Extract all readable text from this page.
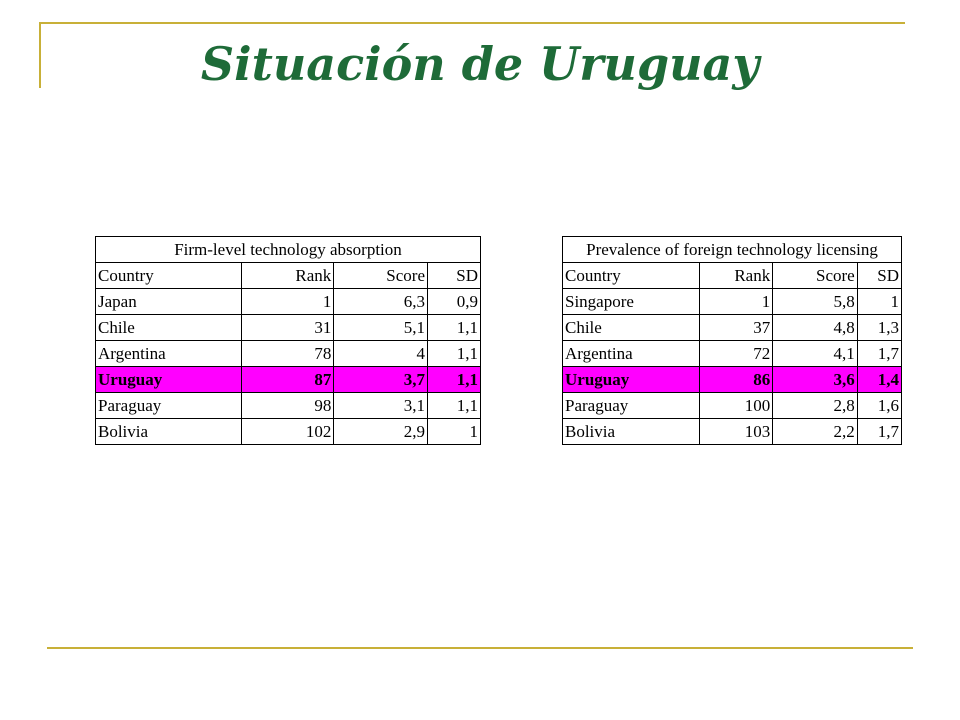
Situación de Uruguay
Firm-level technology absorption			
Country	Rank	Score	SD
Japan	1	6,3	0,9
Chile	31	5,1	1,1
Argentina	78	4	1,1
Uruguay	87	3,7	1,1
Paraguay	98	3,1	1,1
Bolivia	102	2,9	1
Prevalence of foreign technology licensing			
Country	Rank	Score	SD
Singapore	1	5,8	1
Chile	37	4,8	1,3
Argentina	72	4,1	1,7
Uruguay	86	3,6	1,4
Paraguay	100	2,8	1,6
Bolivia	103	2,2	1,7
